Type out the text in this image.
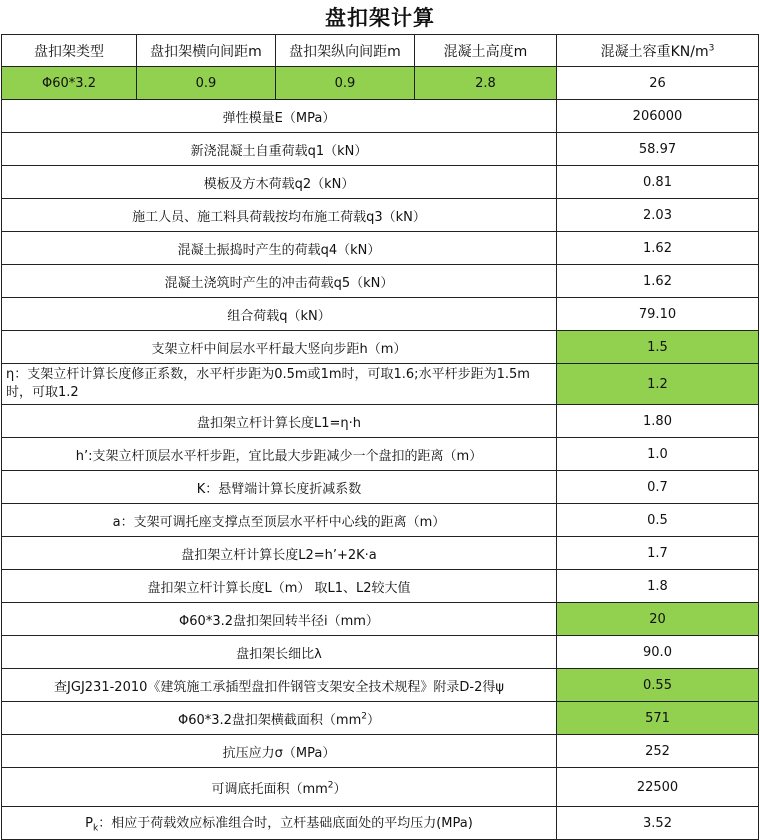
盘扣架计算
盘扣架类型	盘扣架横向间距m	盘扣架纵向间距m	混凝土高度m	混凝土容重$KN/m^3$
Φ60*3.2	0.9	0.9	2.8	26
弹性模量E（MPa）				206000
新浇混凝土自重荷载q1（kN）				58.97
模板及方木荷载q2（kN）				0.81
施工人员、施工料具荷载按均布施工荷载q3（kN）				2.03
混凝土振捣时产生的荷载q4（kN）				1.62
混凝土浇筑时产生的冲击荷载q5（kN）				1.62
组合荷载q（kN）				79.10
支架立杆中间层水平杆最大竖向步距h（m）				1.5
η：支架立杆计算长度修正系数，水平杆步距为0.5m或1m时，可取1.6;水平杆步距为1.5m时，可取1.2				1.2
盘扣架立杆计算长度L1=η·h				1.80
h’:支架立杆顶层水平杆步距，宜比最大步距减少一个盘扣的距离（m）				1.0
K：悬臂端计算长度折减系数				0.7
a：支架可调托座支撑点至顶层水平杆中心线的距离（m）				0.5
盘扣架立杆计算长度L2=h’+2K·a				1.7
盘扣架立杆计算长度L（m） 取L1、L2较大值				1.8
Φ60*3.2盘扣架回转半径i（mm）				20
盘扣架长细比λ				90.0
查JGJ231-2010《建筑施工承插型盘扣件钢管支架安全技术规程》附录D-2得ψ				0.55
Φ60*3.2盘扣架横截面积$(mm^2)$				571
抗压应力σ（MPa）				252
可调底托面积$(mm^2)$				22500
$P_k$：相应于荷载效应标准组合时，立杆基础底面处的平均压力(MPa)				3.52
